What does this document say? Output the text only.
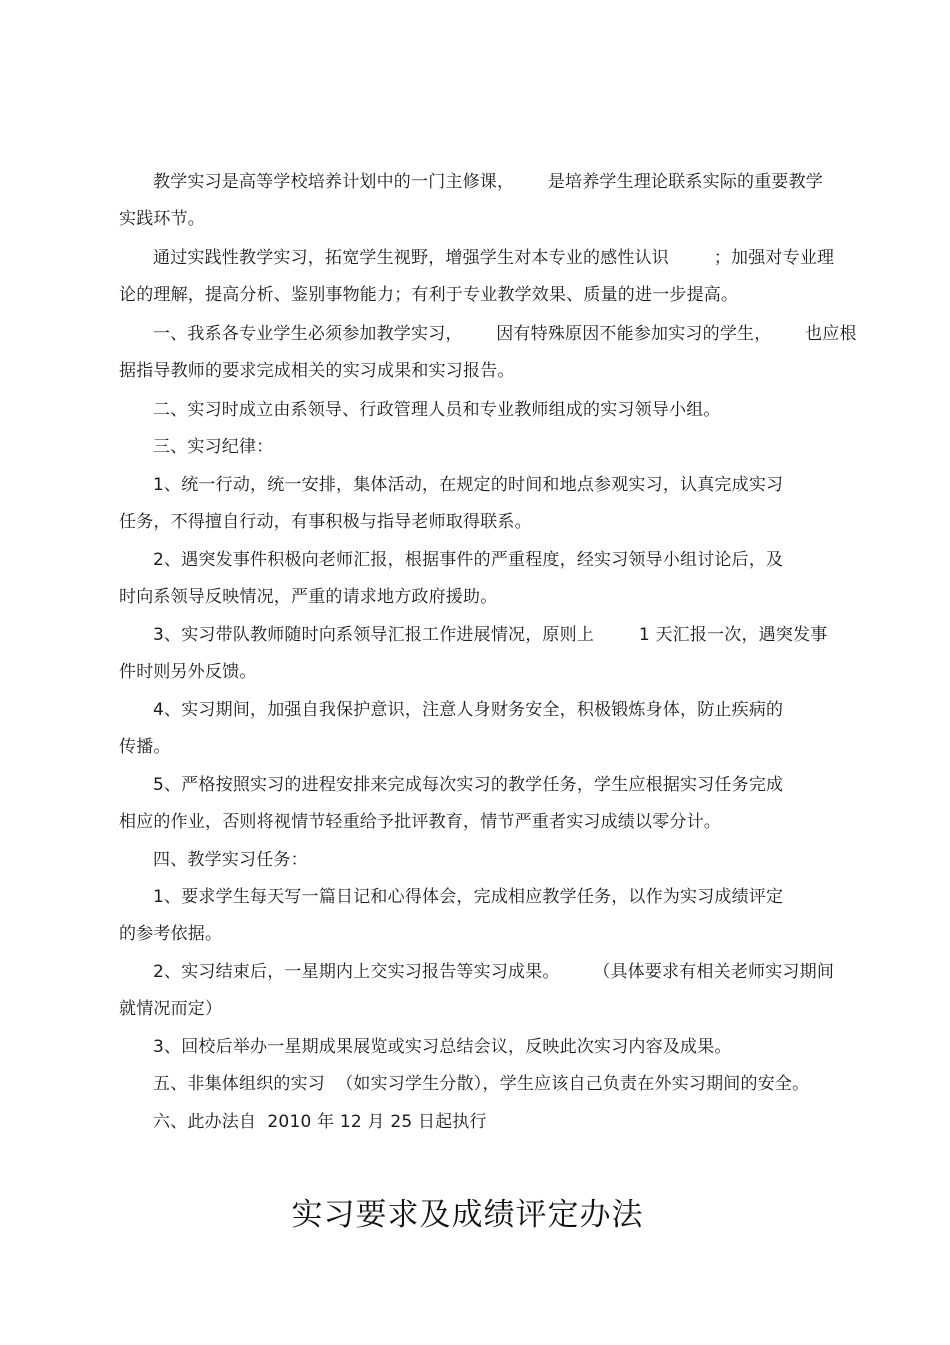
教学实习是高等学校培养计划中的一门主修课，      是培养学生理论联系实际的重要教学
实践环节。
通过实践性教学实习，拓宽学生视野，增强学生对本专业的感性认识        ；加强对专业理
论的理解，提高分析、鉴别事物能力；有利于专业教学效果、质量的进一步提高。
一、我系各专业学生必须参加教学实习，      因有特殊原因不能参加实习的学生，      也应根
据指导教师的要求完成相关的实习成果和实习报告。
二、实习时成立由系领导、行政管理人员和专业教师组成的实习领导小组。
三、实习纪律：
1、统一行动，统一安排，集体活动，在规定的时间和地点参观实习，认真完成实习
任务，不得擅自行动，有事积极与指导老师取得联系。
2、遇突发事件积极向老师汇报，根据事件的严重程度，经实习领导小组讨论后，及
时向系领导反映情况，严重的请求地方政府援助。
3、实习带队教师随时向系领导汇报工作进展情况，原则上        1 天汇报一次，遇突发事
件时则另外反馈。
4、实习期间，加强自我保护意识，注意人身财务安全，积极锻炼身体，防止疾病的
传播。
5、严格按照实习的进程安排来完成每次实习的教学任务，学生应根据实习任务完成
相应的作业，否则将视情节轻重给予批评教育，情节严重者实习成绩以零分计。
四、教学实习任务：
1、要求学生每天写一篇日记和心得体会，完成相应教学任务，以作为实习成绩评定
的参考依据。
2、实习结束后，一星期内上交实习报告等实习成果。      （具体要求有相关老师实习期间
就情况而定）
3、回校后举办一星期成果展览或实习总结会议，反映此次实习内容及成果。
五、非集体组织的实习  （如实习学生分散），学生应该自己负责在外实习期间的安全。
六、此办法自  2010 年 12 月 25 日起执行
实习要求及成绩评定办法
